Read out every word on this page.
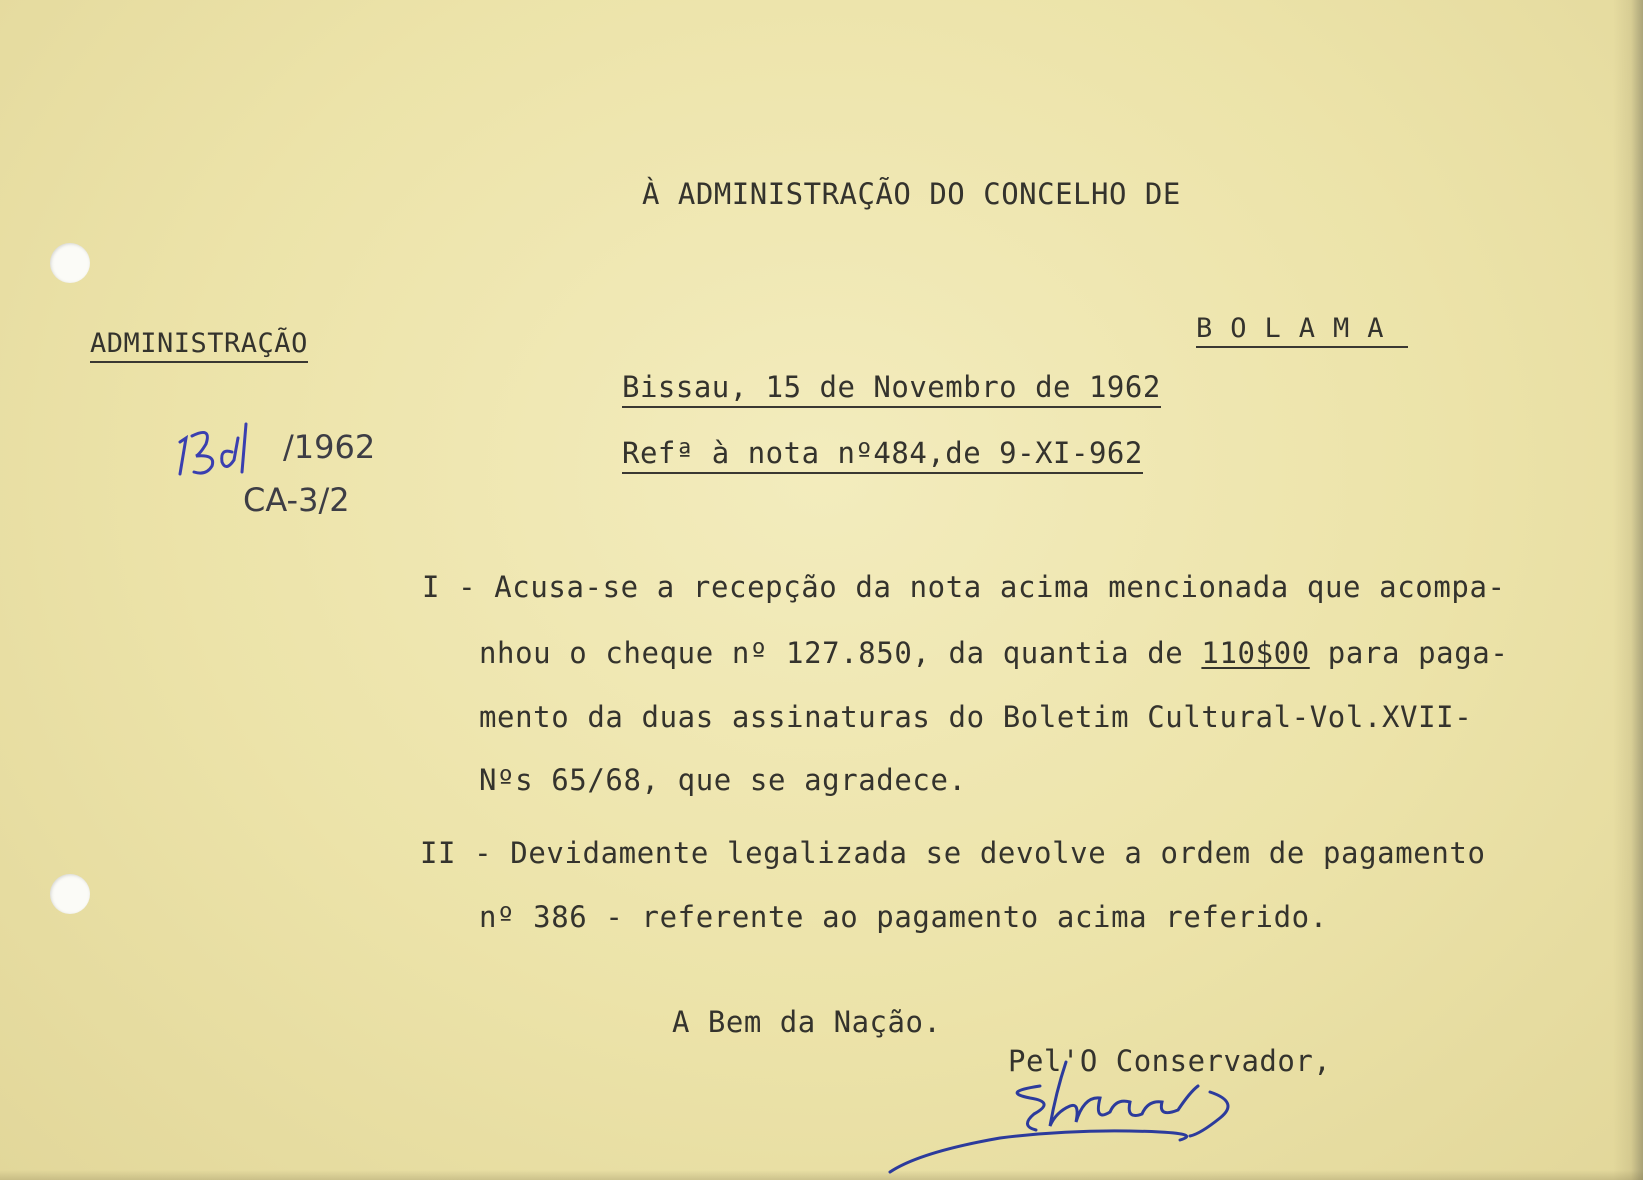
À ADMINISTRAÇÃO DO CONCELHO DE
ADMINISTRAÇÃO	BOLAMA
Bissau, 15 de Novembro de 1962
Refª à nota nº484,de 9-XI-962
/1962
CA-3/2
I - Acusa-se a recepção da nota acima mencionada que acompa-
nhou o cheque nº 127.850, da quantia de 110$00 para paga-
mento da duas assinaturas do Boletim Cultural-Vol.XVII-
Nºs 65/68, que se agradece.
II - Devidamente legalizada se devolve a ordem de pagamento
nº 386 - referente ao pagamento acima referido.
A Bem da Nação.
Pel'O Conservador,
